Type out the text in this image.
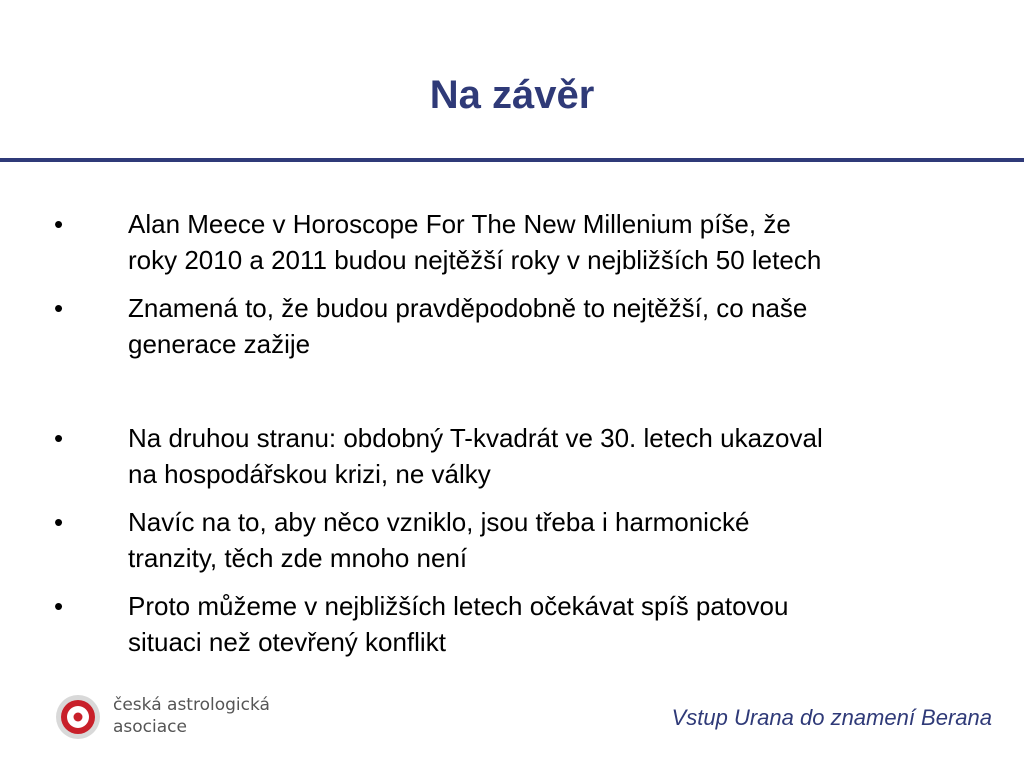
Na závěr
• Alan Meece v Horoscope For The New Millenium píše, že
roky 2010 a 2011 budou nejtěžší roky v nejbližších 50 letech
• Znamená to, že budou pravděpodobně to nejtěžší, co naše
generace zažije
• Na druhou stranu: obdobný T-kvadrát ve 30. letech ukazoval
na hospodářskou krizi, ne války
• Navíc na to, aby něco vzniklo, jsou třeba i harmonické
tranzity, těch zde mnoho není
• Proto můžeme v nejbližších letech očekávat spíš patovou
situaci než otevřený konflikt
česká astrologická
asociace	Vstup Urana do znamení Berana
